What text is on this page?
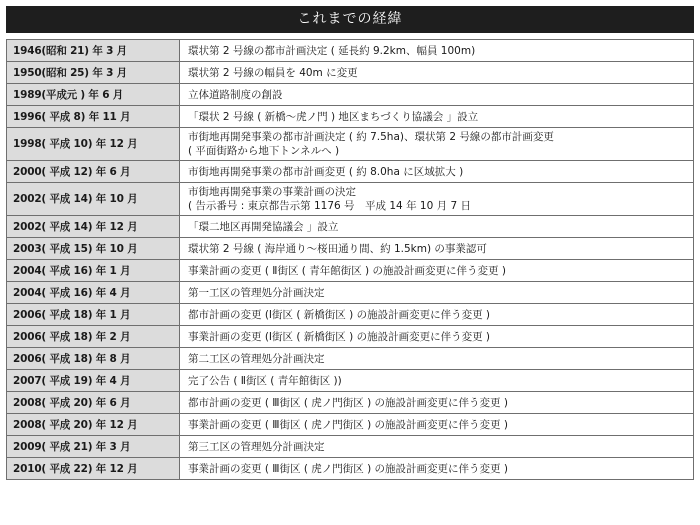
これまでの経緯
1946(昭和 21) 年 3 月	環状第 2 号線の都市計画決定 ( 延長約 9.2km、幅員 100m)

1950(昭和 25) 年 3 月	環状第 2 号線の幅員を 40m に変更

1989(平成元 ) 年 6 月	立体道路制度の創設

1996( 平成 8) 年 11 月	「環状 2 号線 ( 新橋〜虎ノ門 ) 地区まちづくり協議会 」設立

1998( 平成 10) 年 12 月	市街地再開発事業の都市計画決定 ( 約 7.5ha)、環状第 2 号線の都市計画変更
( 平面街路から地下トンネルへ )

2000( 平成 12) 年 6 月	市街地再開発事業の都市計画変更 ( 約 8.0ha に区域拡大 )

2002( 平成 14) 年 10 月	市街地再開発事業の事業計画の決定
( 告示番号 : 東京都告示第 1176 号　平成 14 年 10 月 7 日

2002( 平成 14) 年 12 月	「環二地区再開発協議会 」設立

2003( 平成 15) 年 10 月	環状第 2 号線 ( 海岸通り〜桜田通り間、約 1.5km) の事業認可

2004( 平成 16) 年 1 月	事業計画の変更 ( Ⅱ街区 ( 青年館街区 ) の施設計画変更に伴う変更 )

2004( 平成 16) 年 4 月	第一工区の管理処分計画決定

2006( 平成 18) 年 1 月	都市計画の変更 (Ⅰ街区 ( 新橋街区 ) の施設計画変更に伴う変更 )

2006( 平成 18) 年 2 月	事業計画の変更 (Ⅰ街区 ( 新橋街区 ) の施設計画変更に伴う変更 )

2006( 平成 18) 年 8 月	第二工区の管理処分計画決定

2007( 平成 19) 年 4 月	完了公告 ( Ⅱ街区 ( 青年館街区 ))

2008( 平成 20) 年 6 月	都市計画の変更 ( Ⅲ街区 ( 虎ノ門街区 ) の施設計画変更に伴う変更 )

2008( 平成 20) 年 12 月	事業計画の変更 ( Ⅲ街区 ( 虎ノ門街区 ) の施設計画変更に伴う変更 )

2009( 平成 21) 年 3 月	第三工区の管理処分計画決定

2010( 平成 22) 年 12 月	事業計画の変更 ( Ⅲ街区 ( 虎ノ門街区 ) の施設計画変更に伴う変更 )
